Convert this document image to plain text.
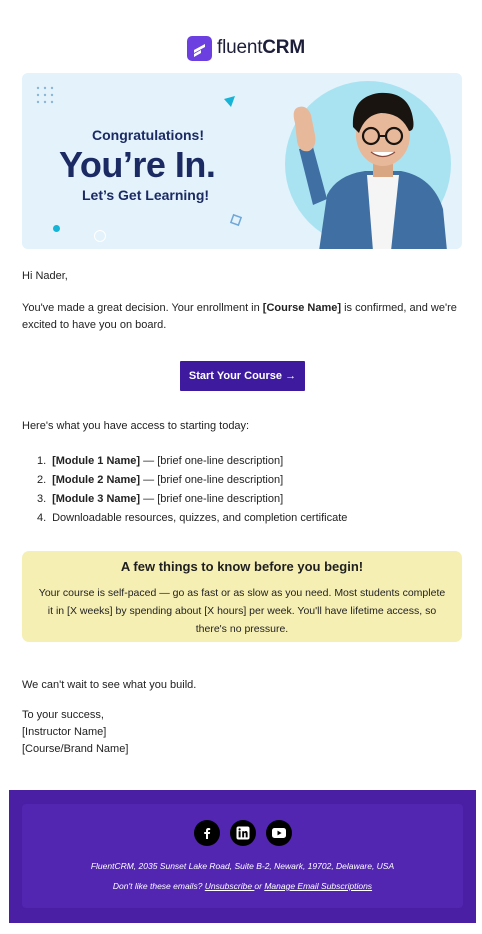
fluentCRM
Congratulations!
You’re In.
Let’s Get Learning!
Hi Nader,
You've made a great decision. Your enrollment in [Course Name] is confirmed, and we're excited to have you on board.
Start Your Course →
Here's what you have access to starting today:
1. [Module 1 Name] — [brief one-line description]
2. [Module 2 Name] — [brief one-line description]
3. [Module 3 Name] — [brief one-line description]
4. Downloadable resources, quizzes, and completion certificate
A few things to know before you begin!
Your course is self-paced — go as fast or as slow as you need. Most students complete
it in [X weeks] by spending about [X hours] per week. You'll have lifetime access, so
there's no pressure.
We can't wait to see what you build.
To your success,
[Instructor Name]
[Course/Brand Name]
FluentCRM, 2035 Sunset Lake Road, Suite B-2, Newark, 19702, Delaware, USA
Don't like these emails? Unsubscribe or Manage Email Subscriptions
